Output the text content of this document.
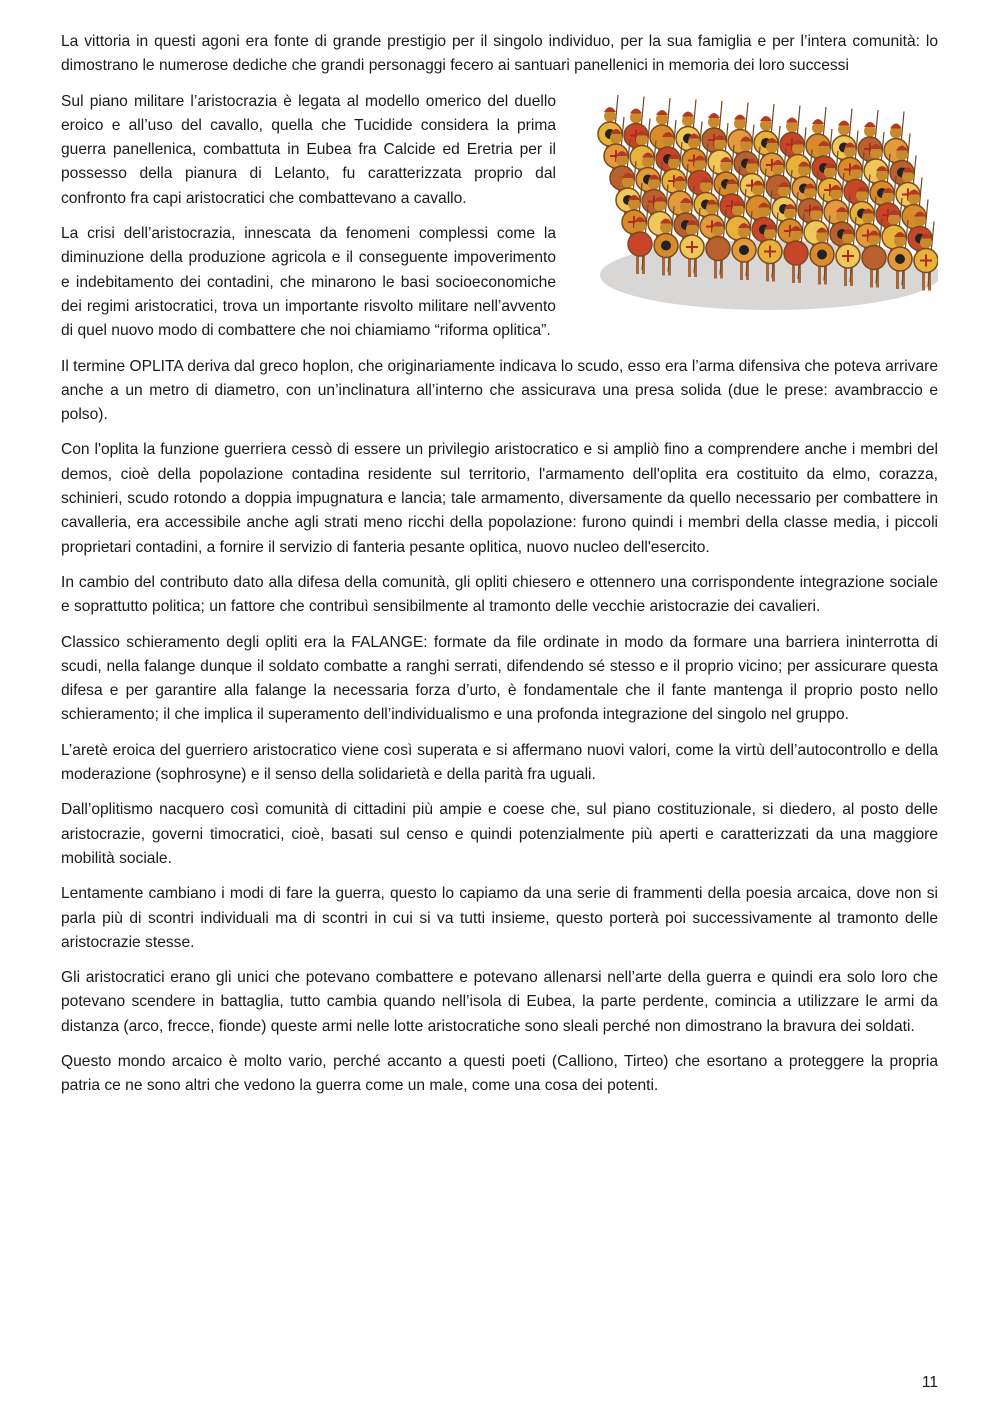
La vittoria in questi agoni era fonte di grande prestigio per il singolo individuo, per la sua famiglia e per l’intera comunità: lo dimostrano le numerose dediche che grandi personaggi fecero ai santuari panellenici in memoria dei loro successi

Sul piano militare l’aristocrazia è legata al modello omerico del duello eroico e all’uso del cavallo, quella che Tucidide considera la prima guerra panellenica, combattuta in Eubea fra Calcide ed Eretria per il possesso della pianura di Lelanto, fu caratterizzata proprio dal confronto fra capi aristocratici che combattevano a cavallo.

La crisi dell’aristocrazia, innescata da fenomeni complessi come la diminuzione della produzione agricola e il conseguente impoverimento e indebitamento dei contadini, che minarono le basi socioeconomiche dei regimi aristocratici, trova un importante risvolto militare nell’avvento di quel nuovo modo di combattere che noi chiamiamo “riforma oplitica”.

Il termine OPLITA deriva dal greco hoplon, che originariamente indicava lo scudo, esso era l’arma difensiva che poteva arrivare anche a un metro di diametro, con un’inclinatura all’interno che assicurava una presa solida (due le prese: avambraccio e polso).

Con l'oplita la funzione guerriera cessò di essere un privilegio aristocratico e si ampliò fino a comprendere anche i membri del demos, cioè della popolazione contadina residente sul territorio, l'armamento dell'oplita era costituito da elmo, corazza, schinieri, scudo rotondo a doppia impugnatura e lancia; tale armamento, diversamente da quello necessario per combattere in cavalleria, era accessibile anche agli strati meno ricchi della popolazione: furono quindi i membri della classe media, i piccoli proprietari contadini, a fornire il servizio di fanteria pesante oplitica, nuovo nucleo dell'esercito.

In cambio del contributo dato alla difesa della comunità, gli opliti chiesero e ottennero una corrispondente integrazione sociale e soprattutto politica; un fattore che contribuì sensibilmente al tramonto delle vecchie aristocrazie dei cavalieri.

Classico schieramento degli opliti era la FALANGE: formate da file ordinate in modo da formare una barriera ininterrotta di scudi, nella falange dunque il soldato combatte a ranghi serrati, difendendo sé stesso e il proprio vicino; per assicurare questa difesa e per garantire alla falange la necessaria forza d’urto, è fondamentale che il fante mantenga il proprio posto nello schieramento; il che implica il superamento dell’individualismo e una profonda integrazione del singolo nel gruppo.

L’aretè eroica del guerriero aristocratico viene così superata e si affermano nuovi valori, come la virtù dell’autocontrollo e della moderazione (sophrosyne) e il senso della solidarietà e della parità fra uguali.

Dall’oplitismo nacquero così comunità di cittadini più ampie e coese che, sul piano costituzionale, si diedero, al posto delle aristocrazie, governi timocratici, cioè, basati sul censo e quindi potenzialmente più aperti e caratterizzati da una maggiore mobilità sociale.

Lentamente cambiano i modi di fare la guerra, questo lo capiamo da una serie di frammenti della poesia arcaica, dove non si parla più di scontri individuali ma di scontri in cui si va tutti insieme, questo porterà poi successivamente al tramonto delle aristocrazie stesse.

Gli aristocratici erano gli unici che potevano combattere e potevano allenarsi nell’arte della guerra e quindi era solo loro che potevano scendere in battaglia, tutto cambia quando nell’isola di Eubea, la parte perdente, comincia a utilizzare le armi da distanza (arco, frecce, fionde) queste armi nelle lotte aristocratiche sono sleali perché non dimostrano la bravura dei soldati.

Questo mondo arcaico è molto vario, perché accanto a questi poeti (Calliono, Tirteo) che esortano a proteggere la propria patria ce ne sono altri che vedono la guerra come un male, come una cosa dei potenti.

11
